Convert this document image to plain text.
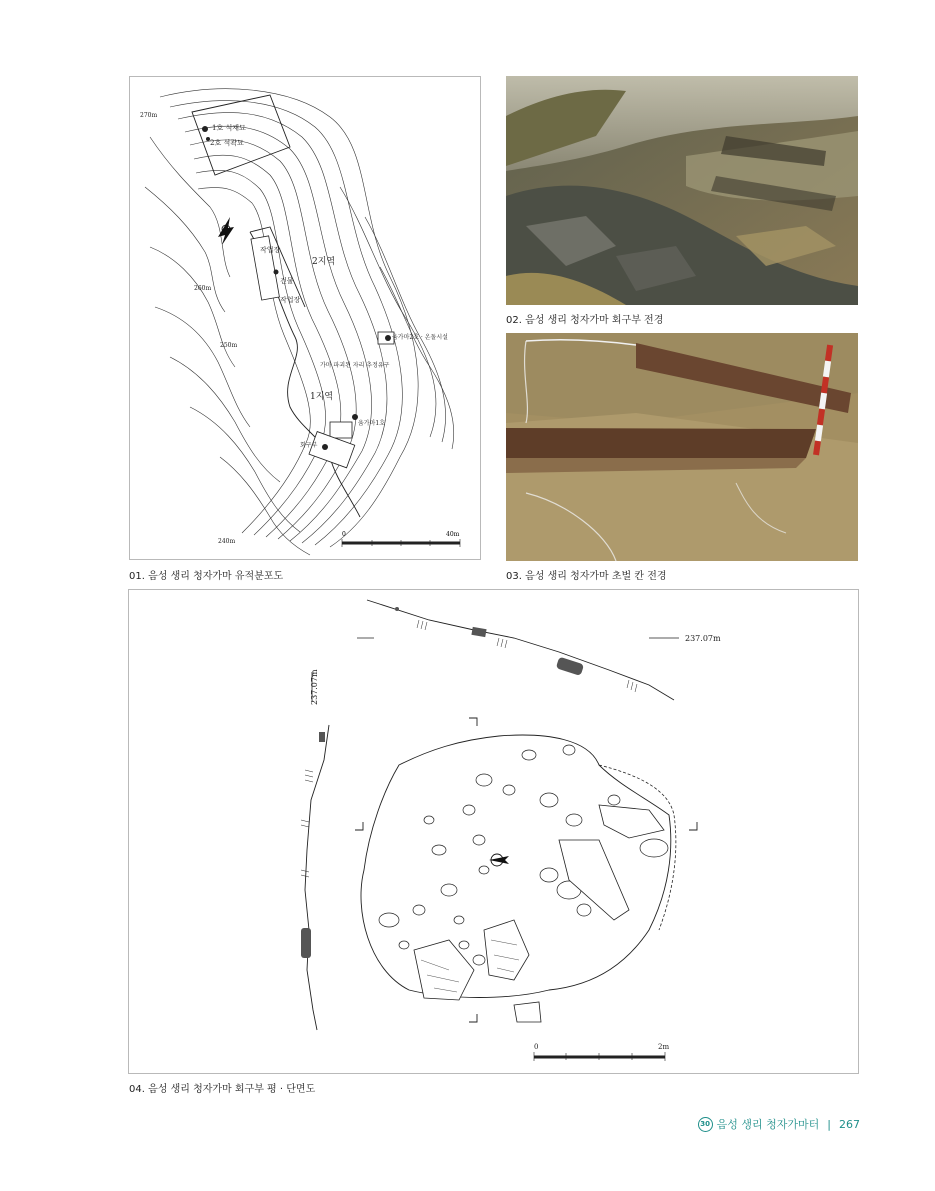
1호 석재묘
2호 석곽묘
작업장
2지역
건물
작업장
움가마2호 · 온돌시설
가마 파괴된 자리 추정유구
1지역
움가마1호
회구부
270m
260m
250m
240m
0	40m
01. 음성 생리 청자가마 유적분포도
02. 음성 생리 청자가마 회구부 전경
03. 음성 생리 청자가마 초벌 칸 전경
237.07m
237.07m
0	2m
04. 음성 생리 청자가마 회구부 평 · 단면도
30 음성 생리 청자가마터 | 267
